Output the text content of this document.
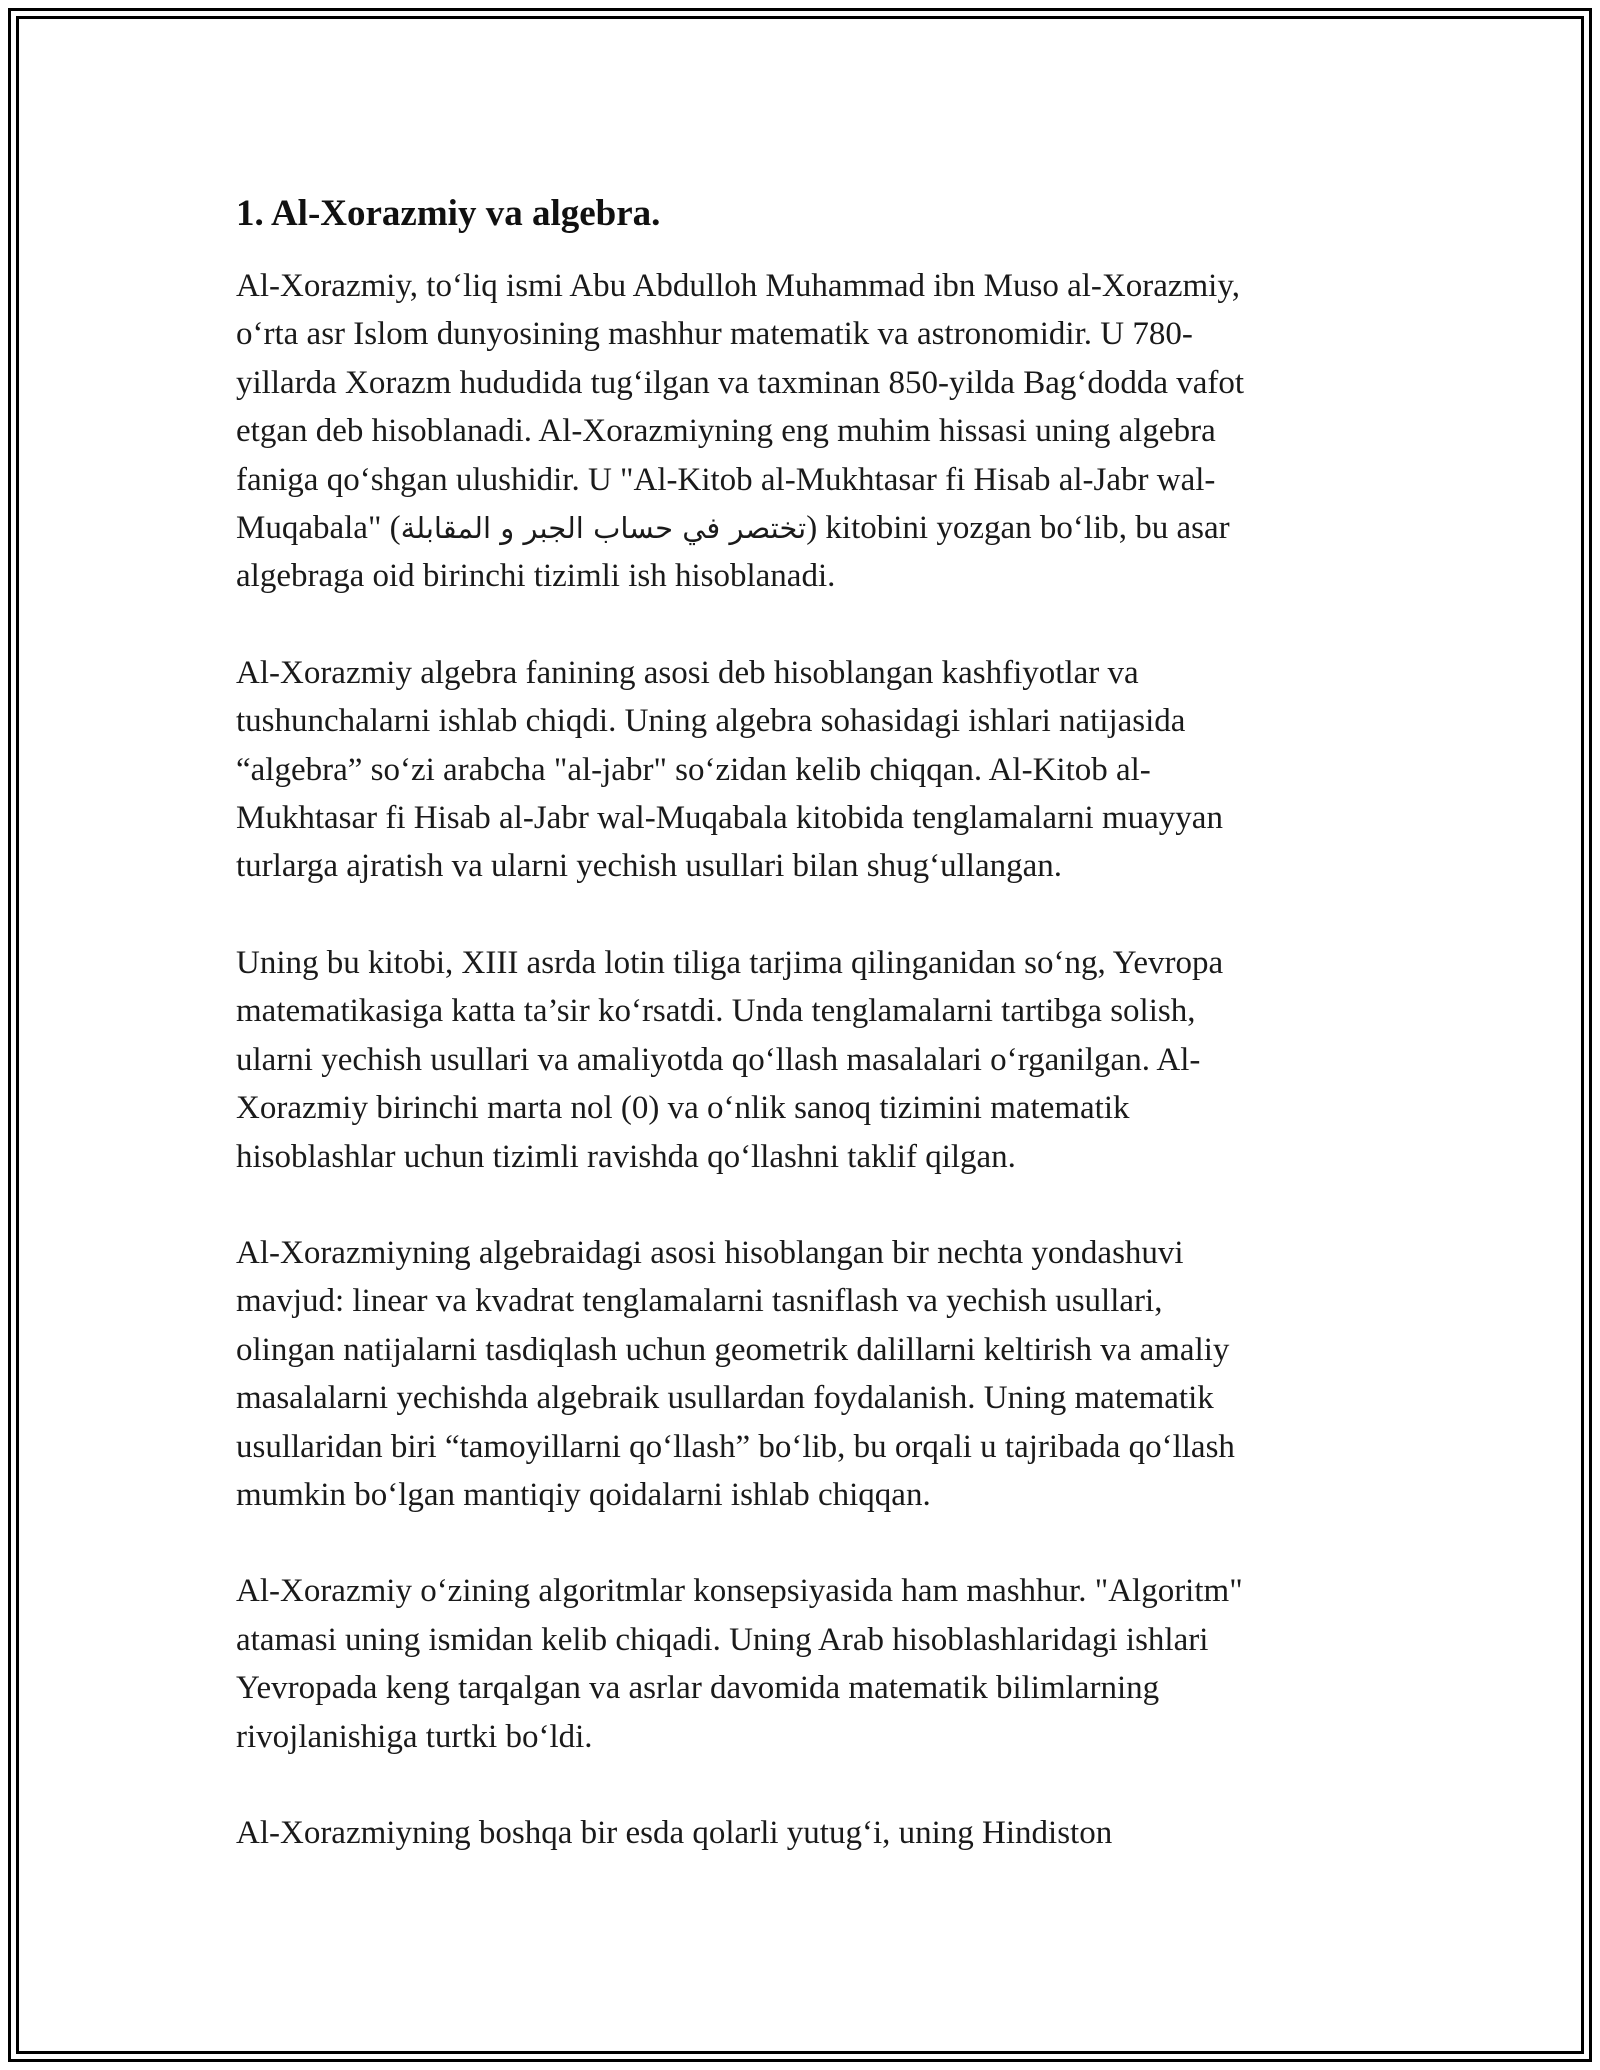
1. Al-Xorazmiy va algebra.

Al-Xorazmiy, to‘liq ismi Abu Abdulloh Muhammad ibn Muso al-Xorazmiy,
o‘rta asr Islom dunyosining mashhur matematik va astronomidir. U 780-
yillarda Xorazm hududida tug‘ilgan va taxminan 850-yilda Bag‘dodda vafot
etgan deb hisoblanadi. Al-Xorazmiyning eng muhim hissasi uning algebra
faniga qo‘shgan ulushidir. U "Al-Kitob al-Mukhtasar fi Hisab al-Jabr wal-
Muqabala" (تختصر في حساب الجبر و المقابلة) kitobini yozgan bo‘lib, bu asar
algebraga oid birinchi tizimli ish hisoblanadi.

Al-Xorazmiy algebra fanining asosi deb hisoblangan kashfiyotlar va
tushunchalarni ishlab chiqdi. Uning algebra sohasidagi ishlari natijasida
“algebra” so‘zi arabcha "al-jabr" so‘zidan kelib chiqqan. Al-Kitob al-
Mukhtasar fi Hisab al-Jabr wal-Muqabala kitobida tenglamalarni muayyan
turlarga ajratish va ularni yechish usullari bilan shug‘ullangan.

Uning bu kitobi, XIII asrda lotin tiliga tarjima qilinganidan so‘ng, Yevropa
matematikasiga katta ta’sir ko‘rsatdi. Unda tenglamalarni tartibga solish,
ularni yechish usullari va amaliyotda qo‘llash masalalari o‘rganilgan. Al-
Xorazmiy birinchi marta nol (0) va o‘nlik sanoq tizimini matematik
hisoblashlar uchun tizimli ravishda qo‘llashni taklif qilgan.

Al-Xorazmiyning algebraidagi asosi hisoblangan bir nechta yondashuvi
mavjud: linear va kvadrat tenglamalarni tasniflash va yechish usullari,
olingan natijalarni tasdiqlash uchun geometrik dalillarni keltirish va amaliy
masalalarni yechishda algebraik usullardan foydalanish. Uning matematik
usullaridan biri “tamoyillarni qo‘llash” bo‘lib, bu orqali u tajribada qo‘llash
mumkin bo‘lgan mantiqiy qoidalarni ishlab chiqqan.

Al-Xorazmiy o‘zining algoritmlar konsepsiyasida ham mashhur. "Algoritm"
atamasi uning ismidan kelib chiqadi. Uning Arab hisoblashlaridagi ishlari
Yevropada keng tarqalgan va asrlar davomida matematik bilimlarning
rivojlanishiga turtki bo‘ldi.

Al-Xorazmiyning boshqa bir esda qolarli yutug‘i, uning Hindiston
